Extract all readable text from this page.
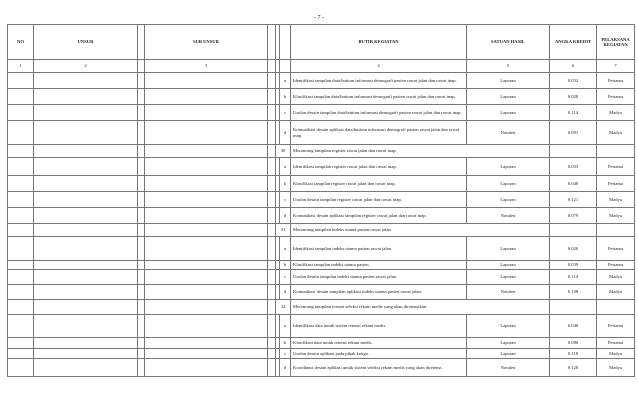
- 7 -
NO	UNSUR		SUB UNSUR				BUTIR KEGIATAN	SATUAN HASIL	ANGKA KREDIT	PELAKSANA KEGIATAN	
1	2		3				4	5	6	7	
						a	Identifikasi tampilan data/butiran informasi demografi pasien rawat jalan dan rawat inap.	Laporan	0.032	Pertama	
						b	Klasifikasi tampilan data/butiran informasi demografi pasien rawat jalan dan rawat inap.	Laporan	0.028	Pertama	
						c	Usulan desain tampilan data/butiran informasi demografi pasien rawat jalan dan rawat inap.	Laporan	0.114	Madya	
						d	Komunikasi desain aplikasi data/butiran informasi demografi pasien rawat jalan dan rawat inap.	Notulen	0.091	Madya	
					30		Merancang tampilan register rawat jalan dan rawat inap.				
						a	Identifikasi tampilan register rawat jalan dan rawat inap.	Laporan	0.033	Pertama	
						b	Klasifikasi tampilan register rawat jalan dan rawat inap.	Laporan	0.040	Pertama	
						c	Usulan desain tampilan register rawat jalan dan rawat inap.	Laporan	0.121	Madya	
						d	Komunikasi desain aplikasi tampilan register rawat jalan dan rawat inap.	Notulen	0.079	Madya	
					31		Merancang tampilan indeks utama pasien rawat jalan.				
						a	Identifikasi tampilan indeks utama pasien rawat jalan.	Laporan	0.026	Pertama	
						b	Klasifikasi tampilan indeks utama pasien.	Laporan	0.039	Pertama	
						c	Usulan desain tampilan indeks utama pasien rawat jalan.	Laporan	0.114	Madya	
						d	Komunikasi desain tampilan aplikasi indeks utama pasien rawat jalan.	Notulen	0.108	Madya	
					32		Merancang tampilan format seleksi rekam medis yang akan diretensikan.				
						a	Identifikasi data untuk sistem retensi rekam medis.	Laporan	0.040	Pertama	
						b	Klasifikasi data untuk retensi rekam medis.	Laporan	0.080	Pertama	
						c	Usulan desain aplikasi pada pihak ketiga.	Laporan	0.118	Madya	
						d	Koordinasi desain aplikasi untuk sistem seleksi rekam medis yang akan diretensi.	Notulen	0.120	Madya	
